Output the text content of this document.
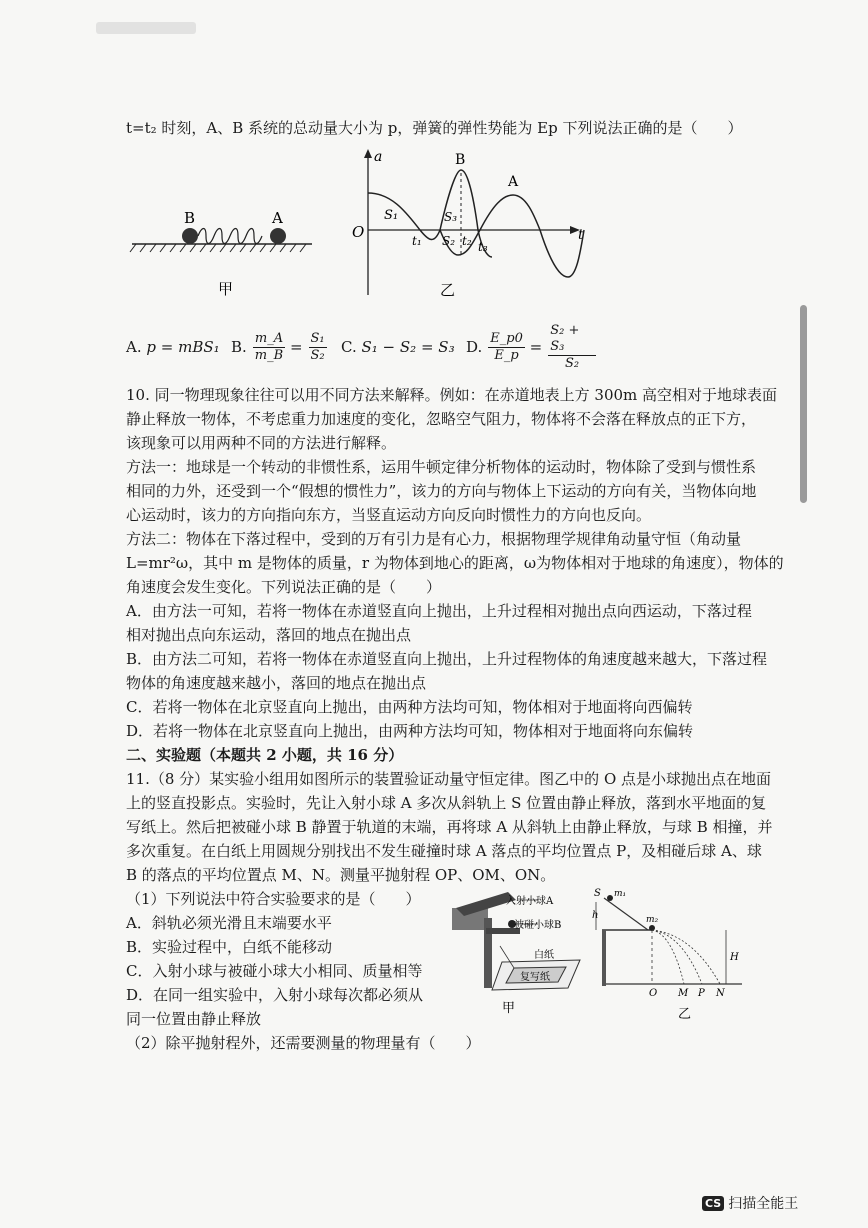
t=t₂ 时刻，A、B 系统的总动量大小为 p，弹簧的弹性势能为 Ep 下列说法正确的是（　　）
B	A
甲
a
t
O
B
A
S₁
S₂
S₃
t₁	t₂ t₃
乙
A.
p = mBS₁ B. $\frac{m\_A}{m\_B} = \frac{\text{S₁}}{\text{S₂}} C$.
S₁ − S₂ = S₃ D. $\frac{E\_p0}{E\_p} = \frac{\text{S₂ + S₃}}{\text{S₂}}$
10. 同一物理现象往往可以用不同方法来解释。例如：在赤道地表上方 300m 高空相对于地球表面
静止释放一物体，不考虑重力加速度的变化，忽略空气阻力，物体将不会落在释放点的正下方，
该现象可以用两种不同的方法进行解释。
方法一：地球是一个转动的非惯性系，运用牛顿定律分析物体的运动时，物体除了受到与惯性系
相同的力外，还受到一个“假想的惯性力”，该力的方向与物体上下运动的方向有关，当物体向地
心运动时，该力的方向指向东方，当竖直运动方向反向时惯性力的方向也反向。
方法二：物体在下落过程中，受到的万有引力是有心力，根据物理学规律角动量守恒（角动量
L=mr²ω，其中 m 是物体的质量，r 为物体到地心的距离，ω为物体相对于地球的角速度），物体的
角速度会发生变化。下列说法正确的是（　　）
A．由方法一可知，若将一物体在赤道竖直向上抛出，上升过程相对抛出点向西运动，下落过程
相对抛出点向东运动，落回的地点在抛出点
B．由方法二可知，若将一物体在赤道竖直向上抛出，上升过程物体的角速度越来越大，下落过程
物体的角速度越来越小，落回的地点在抛出点
C．若将一物体在北京竖直向上抛出，由两种方法均可知，物体相对于地面将向西偏转
D．若将一物体在北京竖直向上抛出，由两种方法均可知，物体相对于地面将向东偏转
二、实验题（本题共 2 小题，共 16 分）
11.（8 分）某实验小组用如图所示的装置验证动量守恒定律。图乙中的 O 点是小球抛出点在地面
上的竖直投影点。实验时，先让入射小球 A 多次从斜轨上 S 位置由静止释放，落到水平地面的复
写纸上。然后把被碰小球 B 静置于轨道的末端，再将球 A 从斜轨上由静止释放，与球 B 相撞，并
多次重复。在白纸上用圆规分别找出不发生碰撞时球 A 落点的平均位置点 P，及相碰后球 A、球
B 的落点的平均位置点 M、N。测量平抛射程 OP、OM、ON。
（1）下列说法中符合实验要求的是（　　）
A．斜轨必须光滑且末端要水平
B．实验过程中，白纸不能移动
C．入射小球与被碰小球大小相同、质量相等
D．在同一组实验中，入射小球每次都必须从
同一位置由静止释放
（2）除平抛射程外，还需要测量的物理量有（　　）
入射小球A
被碰小球B
白纸
复写纸
甲
S m₁
m₂
h
H
O M P N
乙
CS 扫描全能王
